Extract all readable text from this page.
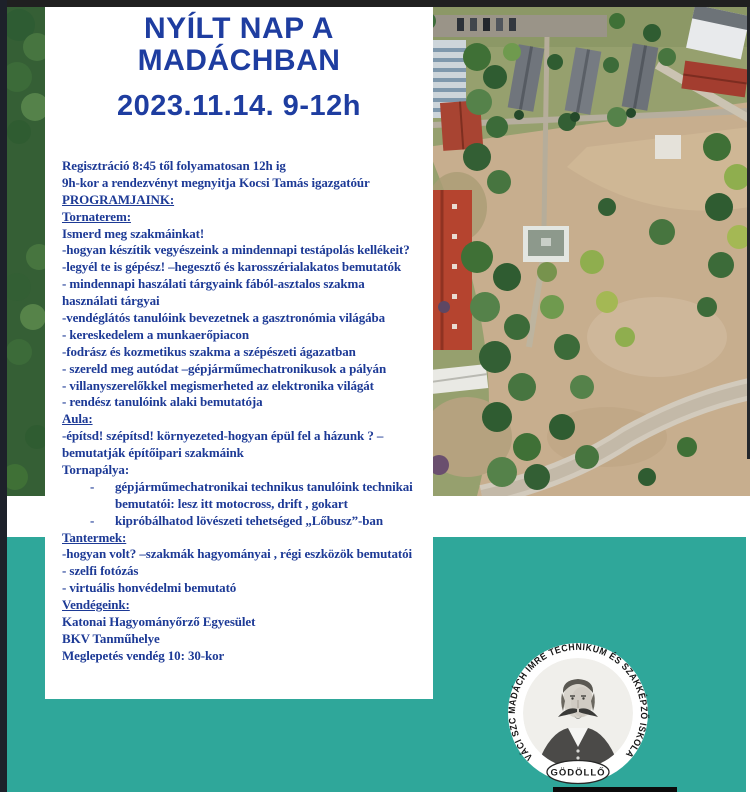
NYÍLT NAP A
MADÁCHBAN
2023.11.14. 9-12h
Regisztráció 8:45 től folyamatosan 12h ig
9h-kor a rendezvényt megnyitja Kocsi Tamás igazgatóúr
PROGRAMJAINK:
Tornaterem:
Ismerd meg szakmáinkat!
-hogyan készítik vegyészeink a mindennapi testápolás kellékeit?
-legyél te is gépész! –hegesztő és karosszérialakatos bemutatók
- mindennapi haszálati tárgyaink fából-asztalos szakma
használati tárgyai
-vendéglátós tanulóink bevezetnek a gasztronómia világába
- kereskedelem a munkaerőpiacon
-fodrász és kozmetikus szakma a szépészeti ágazatban
- szereld meg autódat –gépjárműmechatronikusok a pályán
- villanyszerelőkkel megismerheted az elektronika világát
- rendész tanulóink alaki bemutatója
Aula:
-építsd! szépítsd! környezeted-hogyan épül fel a házunk ? –
bemutatják építőipari szakmáink
Tornapálya:
- gépjárműmechatronikai technikus tanulóink technikai
bemutatói: lesz itt motocross, drift , gokart
- kipróbálhatod lövészeti tehetséged „Lőbusz”-ban
Tantermek:
-hogyan volt? –szakmák hagyományai , régi eszközök bemutatói
- szelfi fotózás
- virtuális honvédelmi bemutató
Vendégeink:
Katonai Hagyományőrző Egyesület
BKV Tanműhelye
Meglepetés vendég 10: 30-kor
VÁCI SZC MADÁCH IMRE TECHNIKUM ÉS SZAKKÉPZŐ ISKOLA
GÖDÖLLŐ
